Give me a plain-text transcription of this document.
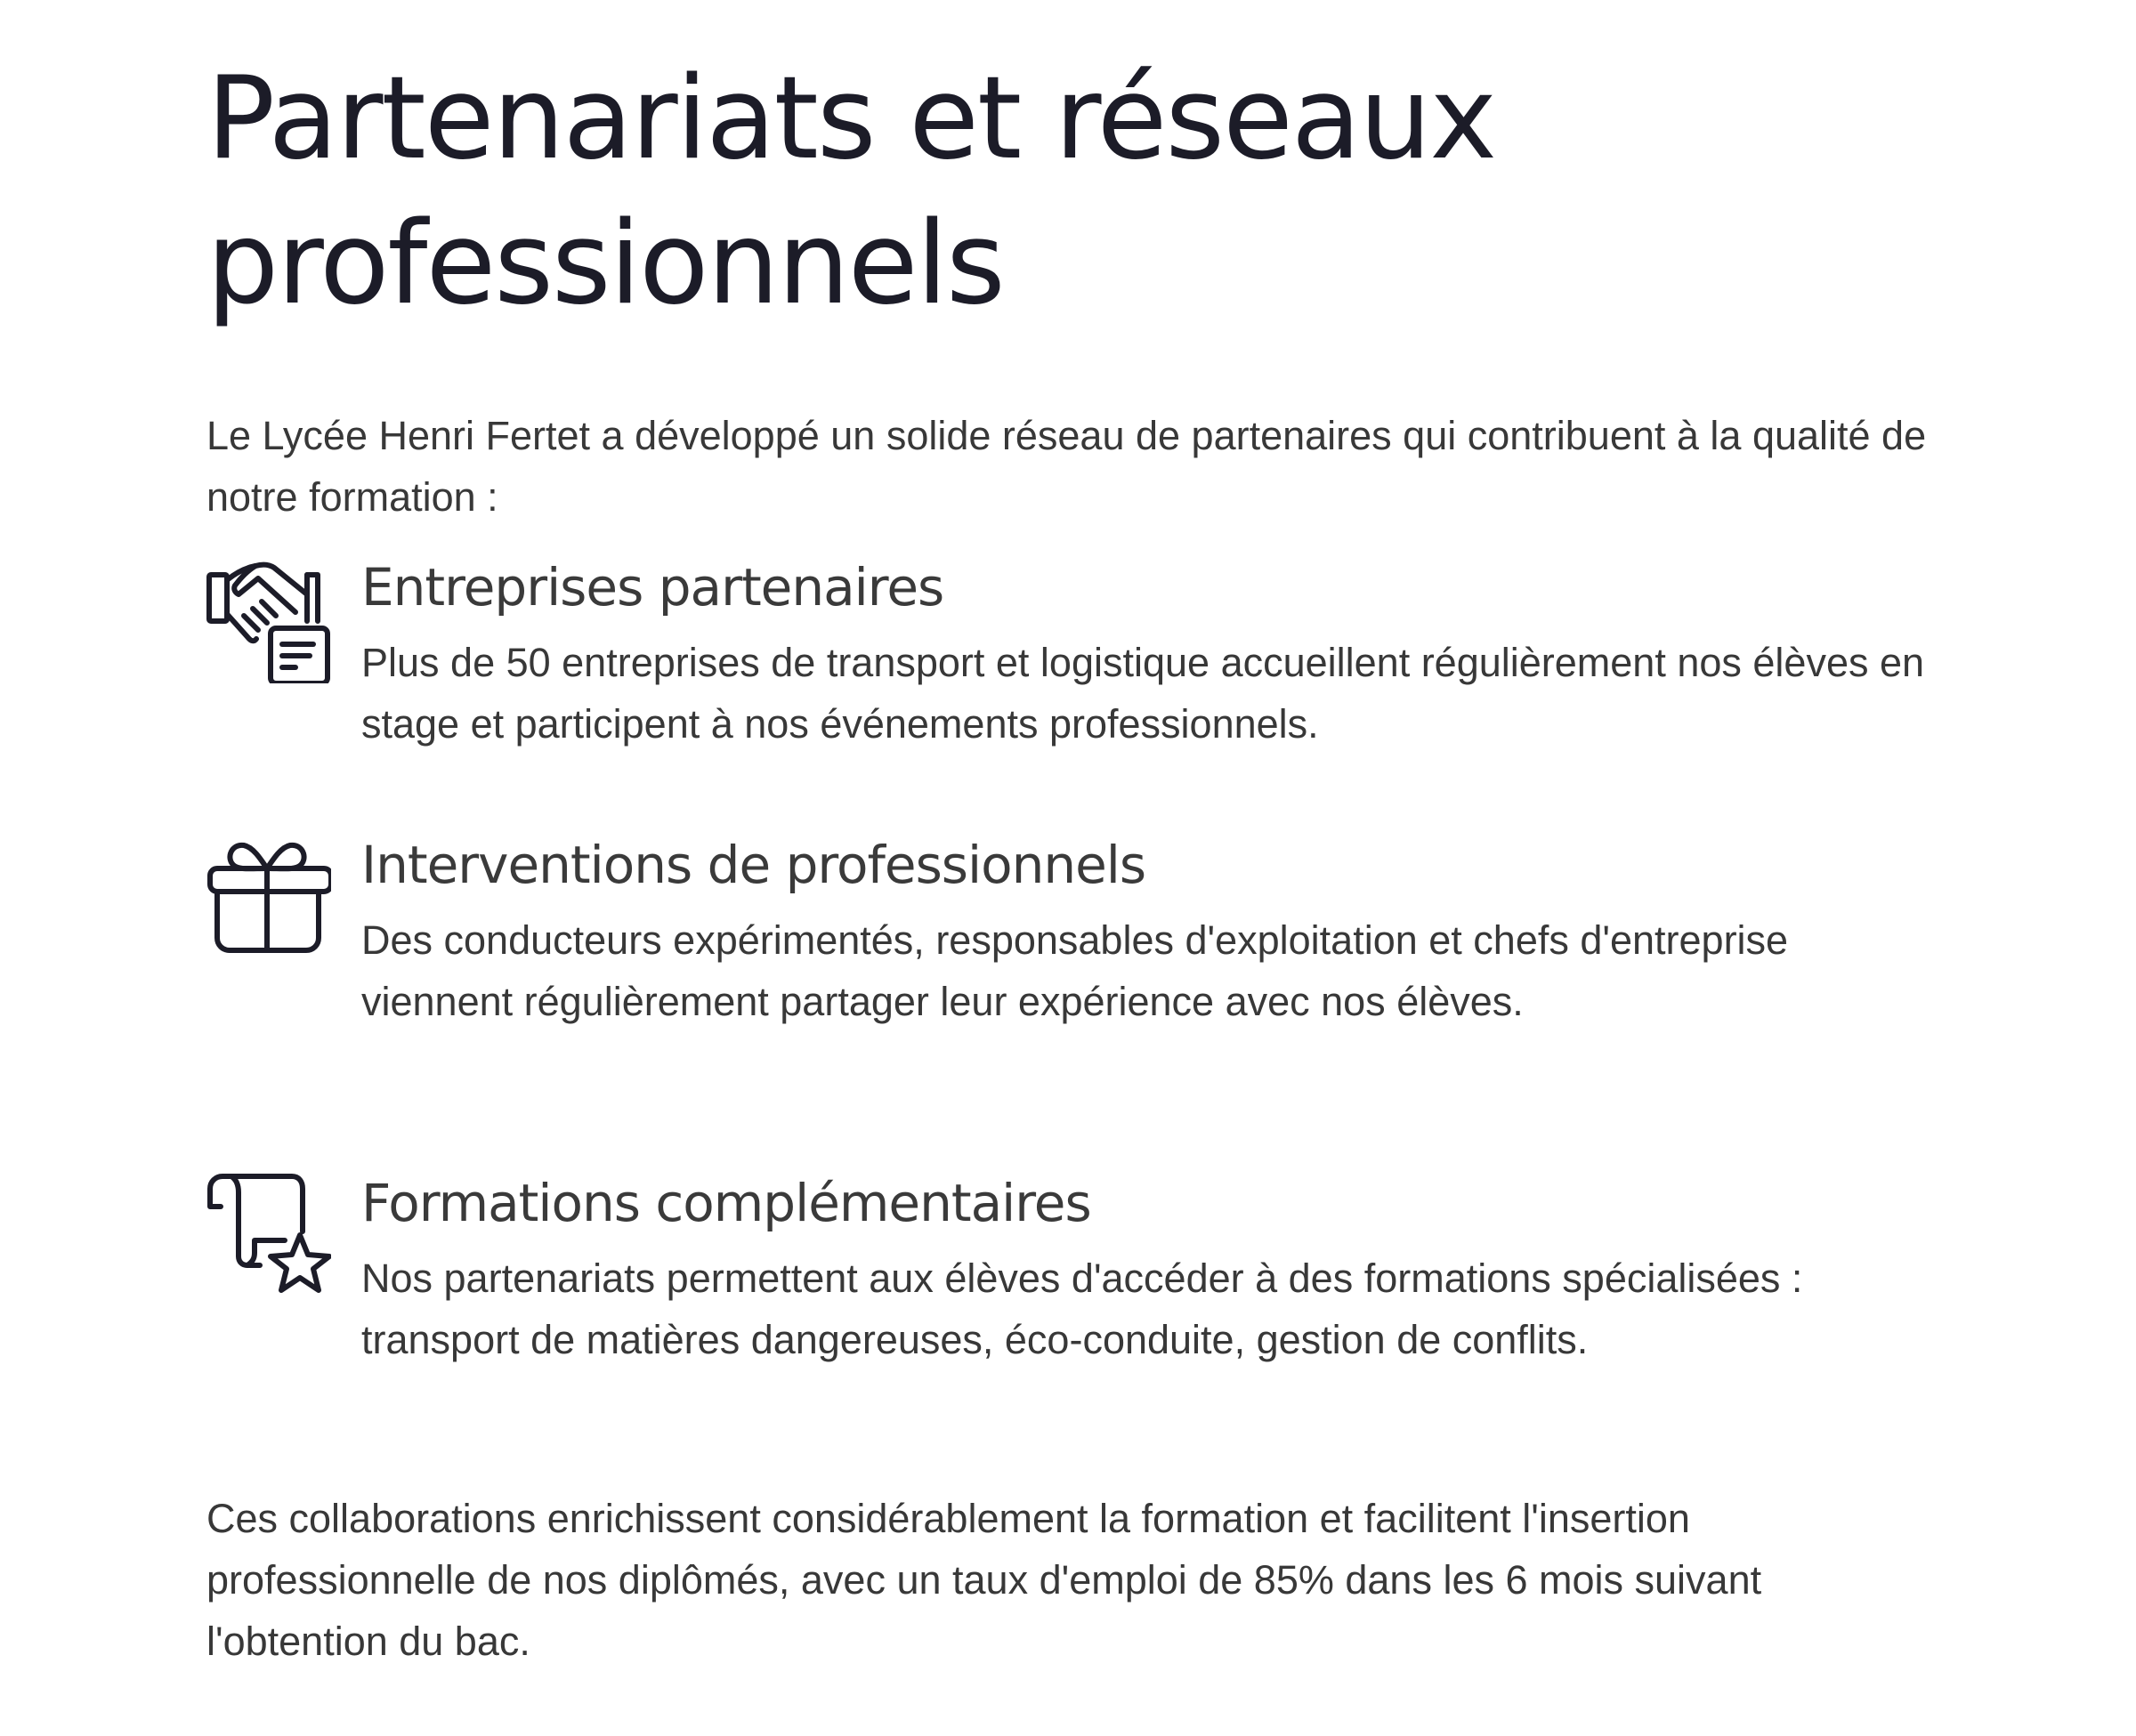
Partenariats et réseaux professionnels

Le Lycée Henri Fertet a développé un solide réseau de partenaires qui contribuent à la qualité de notre formation :

Entreprises partenaires

Plus de 50 entreprises de transport et logistique accueillent régulièrement nos élèves en stage et participent à nos événements professionnels.

Interventions de professionnels

Des conducteurs expérimentés, responsables d'exploitation et chefs d'entreprise viennent régulièrement partager leur expérience avec nos élèves.

Formations complémentaires

Nos partenariats permettent aux élèves d'accéder à des formations spécialisées : transport de matières dangereuses, éco-conduite, gestion de conflits.

Ces collaborations enrichissent considérablement la formation et facilitent l'insertion professionnelle de nos diplômés, avec un taux d'emploi de 85% dans les 6 mois suivant l'obtention du bac.
